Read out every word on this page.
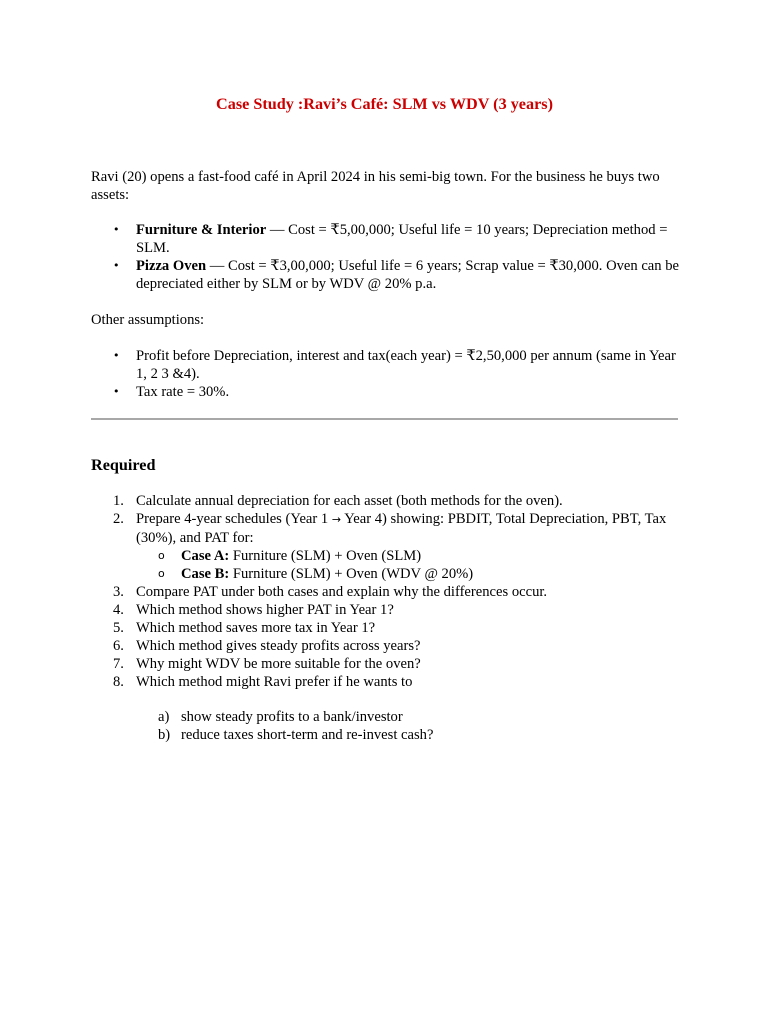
Case Study :Ravi’s Café: SLM vs WDV (3 years)

Ravi (20) opens a fast-food café in April 2024 in his semi-big town. For the business he buys two assets:

• Furniture & Interior — Cost = ₹5,00,000; Useful life = 10 years; Depreciation method = SLM.
• Pizza Oven — Cost = ₹3,00,000; Useful life = 6 years; Scrap value = ₹30,000. Oven can be depreciated either by SLM or by WDV @ 20% p.a.

Other assumptions:

• Profit before Depreciation, interest and tax(each year) = ₹2,50,000 per annum (same in Year 1, 2 3 &4).
• Tax rate = 30%.
Required
1. Calculate annual depreciation for each asset (both methods for the oven).
2. Prepare 4-year schedules (Year 1 → Year 4) showing: PBDIT, Total Depreciation, PBT, Tax (30%), and PAT for:
o Case A: Furniture (SLM) + Oven (SLM)
o Case B: Furniture (SLM) + Oven (WDV @ 20%)
3. Compare PAT under both cases and explain why the differences occur.
4. Which method shows higher PAT in Year 1?
5. Which method saves more tax in Year 1?
6. Which method gives steady profits across years?
7. Why might WDV be more suitable for the oven?
8. Which method might Ravi prefer if he wants to
a) show steady profits to a bank/investor
b) reduce taxes short-term and re-invest cash?
